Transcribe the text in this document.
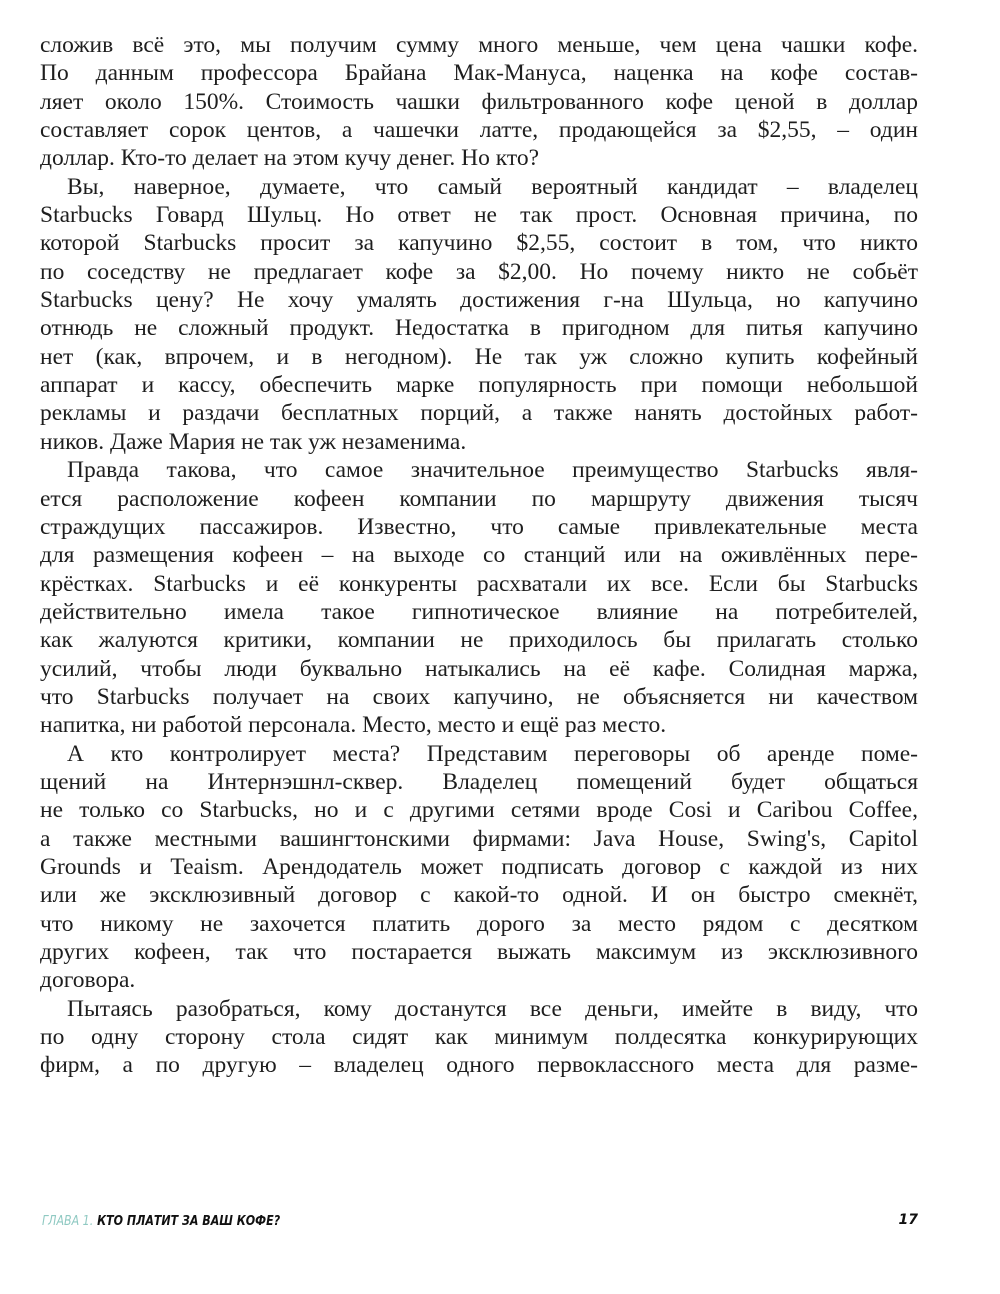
сложив всё это, мы получим сумму много меньше, чем цена чашки кофе.
По данным профессора Брайана Мак-Мануса, наценка на кофе состав-
ляет около 150%. Стоимость чашки фильтрованного кофе ценой в доллар
составляет сорок центов, а чашечки латте, продающейся за $2,55, – один
доллар. Кто-то делает на этом кучу денег. Но кто?
Вы, наверное, думаете, что самый вероятный кандидат – владелец
Starbucks Говард Шульц. Но ответ не так прост. Основная причина, по
которой Starbucks просит за капучино $2,55, состоит в том, что никто
по соседству не предлагает кофе за $2,00. Но почему никто не собьёт
Starbucks цену? Не хочу умалять достижения г-на Шульца, но капучино
отнюдь не сложный продукт. Недостатка в пригодном для питья капучино
нет (как, впрочем, и в негодном). Не так уж сложно купить кофейный
аппарат и кассу, обеспечить марке популярность при помощи небольшой
рекламы и раздачи бесплатных порций, а также нанять достойных работ-
ников. Даже Мария не так уж незаменима.
Правда такова, что самое значительное преимущество Starbucks явля-
ется расположение кофеен компании по маршруту движения тысяч
страждущих пассажиров. Известно, что самые привлекательные места
для размещения кофеен – на выходе со станций или на оживлённых пере-
крёстках. Starbucks и её конкуренты расхватали их все. Если бы Starbucks
действительно имела такое гипнотическое влияние на потребителей,
как жалуются критики, компании не приходилось бы прилагать столько
усилий, чтобы люди буквально натыкались на её кафе. Солидная маржа,
что Starbucks получает на своих капучино, не объясняется ни качеством
напитка, ни работой персонала. Место, место и ещё раз место.
А кто контролирует места? Представим переговоры об аренде поме-
щений на Интернэшнл-сквер. Владелец помещений будет общаться
не только со Starbucks, но и с другими сетями вроде Cosi и Caribou Coffee,
а также местными вашингтонскими фирмами: Java House, Swing's, Capitol
Grounds и Teaism. Арендодатель может подписать договор с каждой из них
или же эксклюзивный договор с какой-то одной. И он быстро смекнёт,
что никому не захочется платить дорого за место рядом с десятком
других кофеен, так что постарается выжать максимум из эксклюзивного
договора.
Пытаясь разобраться, кому достанутся все деньги, имейте в виду, что
по одну сторону стола сидят как минимум полдесятка конкурирующих
фирм, а по другую – владелец одного первоклассного места для разме-
ГЛАВА 1. КТО ПЛАТИТ ЗА ВАШ КОФЕ?	17
